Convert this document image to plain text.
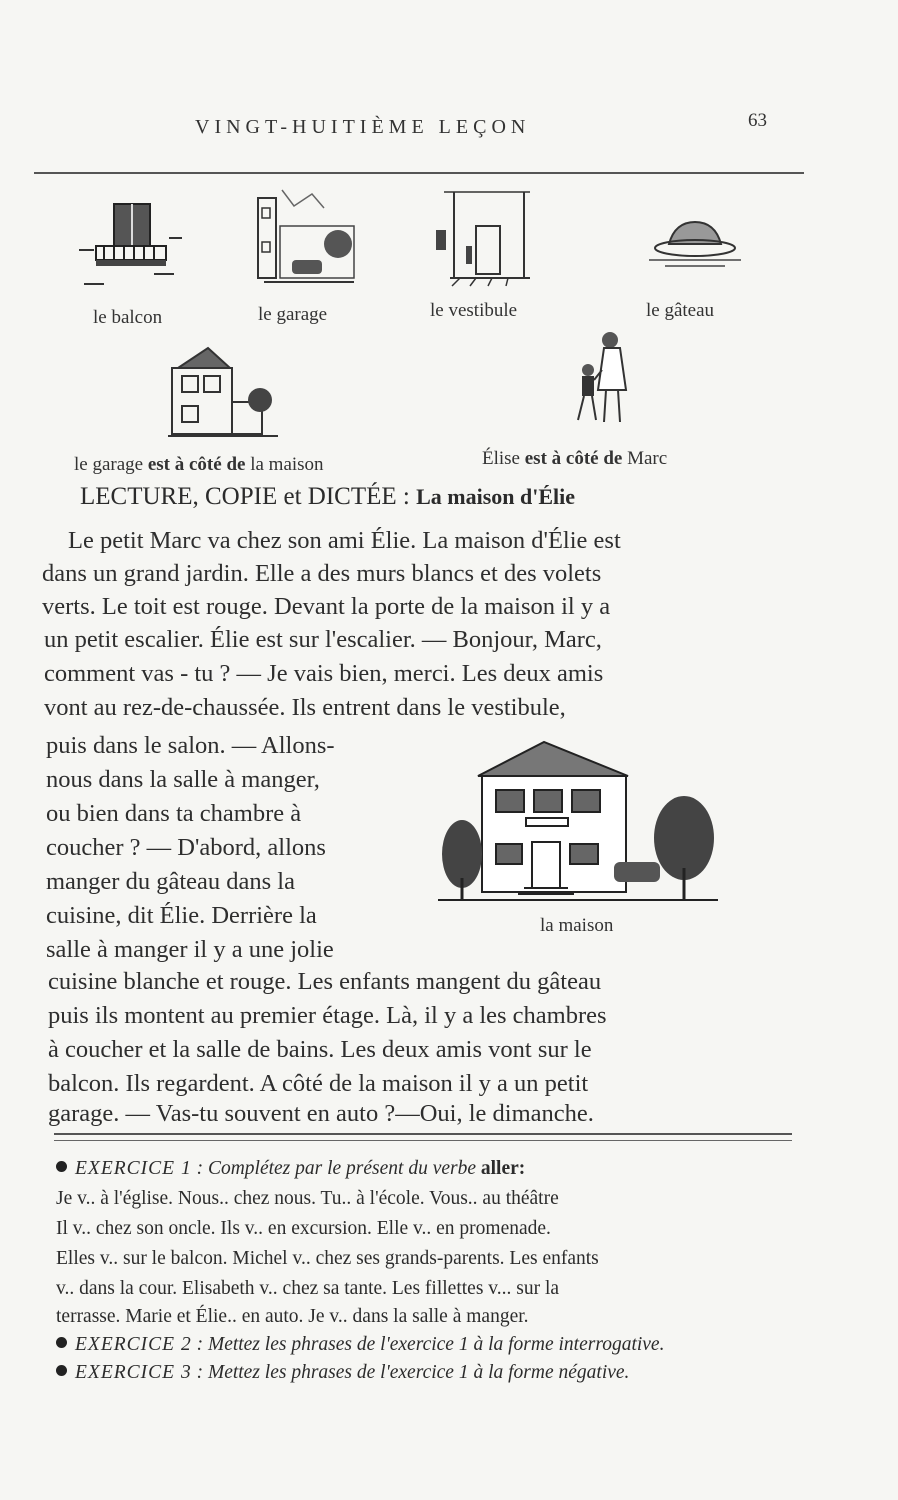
VINGT-HUITIÈME LEÇON	63
le balcon	le garage	le vestibule	le gâteau
le garage est à côté de la maison	Élise est à côté de Marc
LECTURE, COPIE et DICTÉE : La maison d'Élie
Le petit Marc va chez son ami Élie. La maison d'Élie est
dans un grand jardin. Elle a des murs blancs et des volets
verts. Le toit est rouge. Devant la porte de la maison il y a
un petit escalier. Élie est sur l'escalier. — Bonjour, Marc,
comment vas - tu ? — Je vais bien, merci. Les deux amis
vont au rez-de-chaussée. Ils entrent dans le vestibule,
puis dans le salon. — Allons-
nous dans la salle à manger,
ou bien dans ta chambre à
coucher ? — D'abord, allons
manger du gâteau dans la
cuisine, dit Élie. Derrière la
salle à manger il y a une jolie
cuisine blanche et rouge. Les enfants mangent du gâteau
puis ils montent au premier étage. Là, il y a les chambres
à coucher et la salle de bains. Les deux amis vont sur le
balcon. Ils regardent. A côté de la maison il y a un petit
garage. — Vas-tu souvent en auto ?—Oui, le dimanche.
la maison
EXERCICE 1 : Complétez par le présent du verbe aller:
Je v.. à l'église. Nous.. chez nous. Tu.. à l'école. Vous.. au théâtre
Il v.. chez son oncle. Ils v.. en excursion. Elle v.. en promenade.
Elles v.. sur le balcon. Michel v.. chez ses grands-parents. Les enfants
v.. dans la cour. Elisabeth v.. chez sa tante. Les fillettes v... sur la
terrasse. Marie et Élie.. en auto. Je v.. dans la salle à manger.
EXERCICE 2 : Mettez les phrases de l'exercice 1 à la forme interrogative.
EXERCICE 3 : Mettez les phrases de l'exercice 1 à la forme négative.
